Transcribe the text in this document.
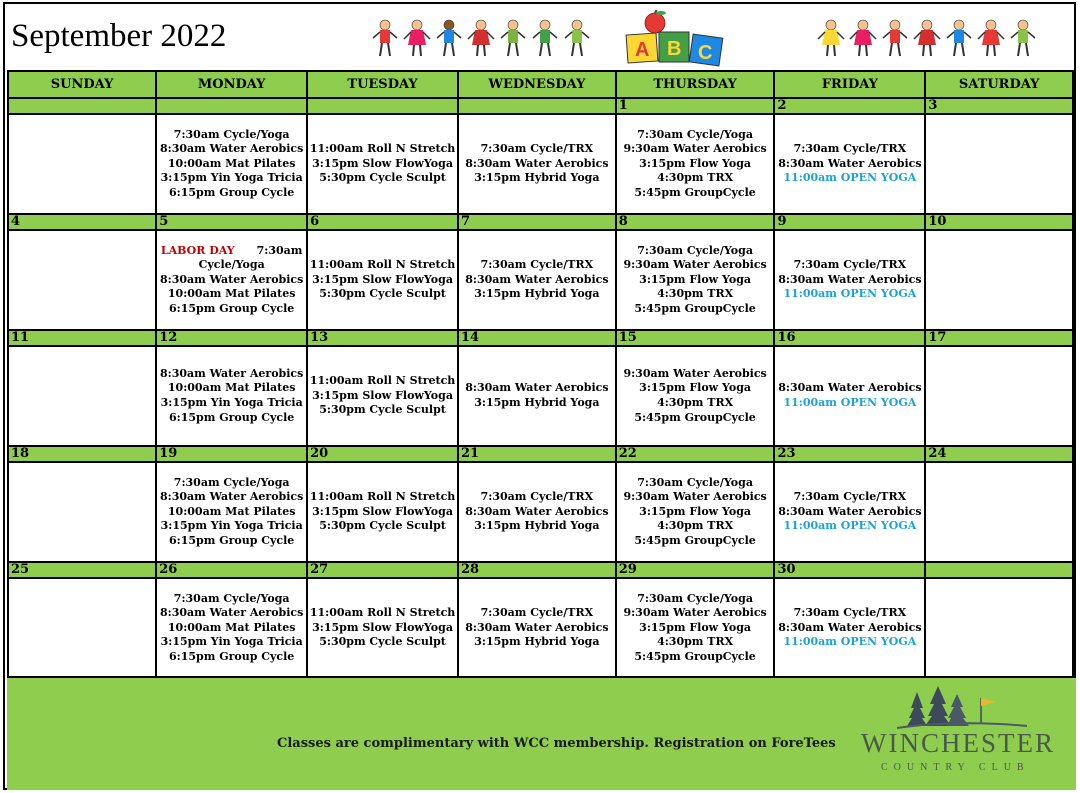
September 2022	A B C
SUNDAY	MONDAY	TUESDAY	WEDNESDAY	THURSDAY	FRIDAY	SATURDAY
				1	2	3

	7:30am Cycle/Yoga
8:30am Water Aerobics
10:00am Mat Pilates
3:15pm Yin Yoga Tricia
6:15pm Group Cycle	11:00am Roll N Stretch
3:15pm Slow FlowYoga
5:30pm Cycle Sculpt	7:30am Cycle/TRX
8:30am Water Aerobics
3:15pm Hybrid Yoga	7:30am Cycle/Yoga
9:30am Water Aerobics
3:15pm Flow Yoga
4:30pm TRX
5:45pm GroupCycle	7:30am Cycle/TRX
8:30am Water Aerobics
11:00am OPEN YOGA	

4	5	6	7	8	9	10
	LABOR DAY 7:30am

Cycle/Yoga
8:30am Water Aerobics
10:00am Mat Pilates
6:15pm Group Cycle	11:00am Roll N Stretch
3:15pm Slow FlowYoga
5:30pm Cycle Sculpt	7:30am Cycle/TRX
8:30am Water Aerobics
3:15pm Hybrid Yoga	7:30am Cycle/Yoga
9:30am Water Aerobics
3:15pm Flow Yoga
4:30pm TRX
5:45pm GroupCycle	7:30am Cycle/TRX
8:30am Water Aerobics
11:00am OPEN YOGA	

11	12	13	14	15	16	17

	8:30am Water Aerobics
10:00am Mat Pilates
3:15pm Yin Yoga Tricia
6:15pm Group Cycle	11:00am Roll N Stretch
3:15pm Slow FlowYoga
5:30pm Cycle Sculpt	8:30am Water Aerobics
3:15pm Hybrid Yoga	9:30am Water Aerobics
3:15pm Flow Yoga
4:30pm TRX
5:45pm GroupCycle	8:30am Water Aerobics
11:00am OPEN YOGA	

18	19	20	21	22	23	24

	7:30am Cycle/Yoga
8:30am Water Aerobics
10:00am Mat Pilates
3:15pm Yin Yoga Tricia
6:15pm Group Cycle	11:00am Roll N Stretch
3:15pm Slow FlowYoga
5:30pm Cycle Sculpt	7:30am Cycle/TRX
8:30am Water Aerobics
3:15pm Hybrid Yoga	7:30am Cycle/Yoga
9:30am Water Aerobics
3:15pm Flow Yoga
4:30pm TRX
5:45pm GroupCycle	7:30am Cycle/TRX
8:30am Water Aerobics
11:00am OPEN YOGA	

25	26	27	28	29	30	

	7:30am Cycle/Yoga
8:30am Water Aerobics
10:00am Mat Pilates
3:15pm Yin Yoga Tricia
6:15pm Group Cycle	11:00am Roll N Stretch
3:15pm Slow FlowYoga
5:30pm Cycle Sculpt	7:30am Cycle/TRX
8:30am Water Aerobics
3:15pm Hybrid Yoga	7:30am Cycle/Yoga
9:30am Water Aerobics
3:15pm Flow Yoga
4:30pm TRX
5:45pm GroupCycle	7:30am Cycle/TRX
8:30am Water Aerobics
11:00am OPEN YOGA	

Classes are complimentary with WCC membership. Registration on ForeTees WINCHESTER
COUNTRY CLUB
